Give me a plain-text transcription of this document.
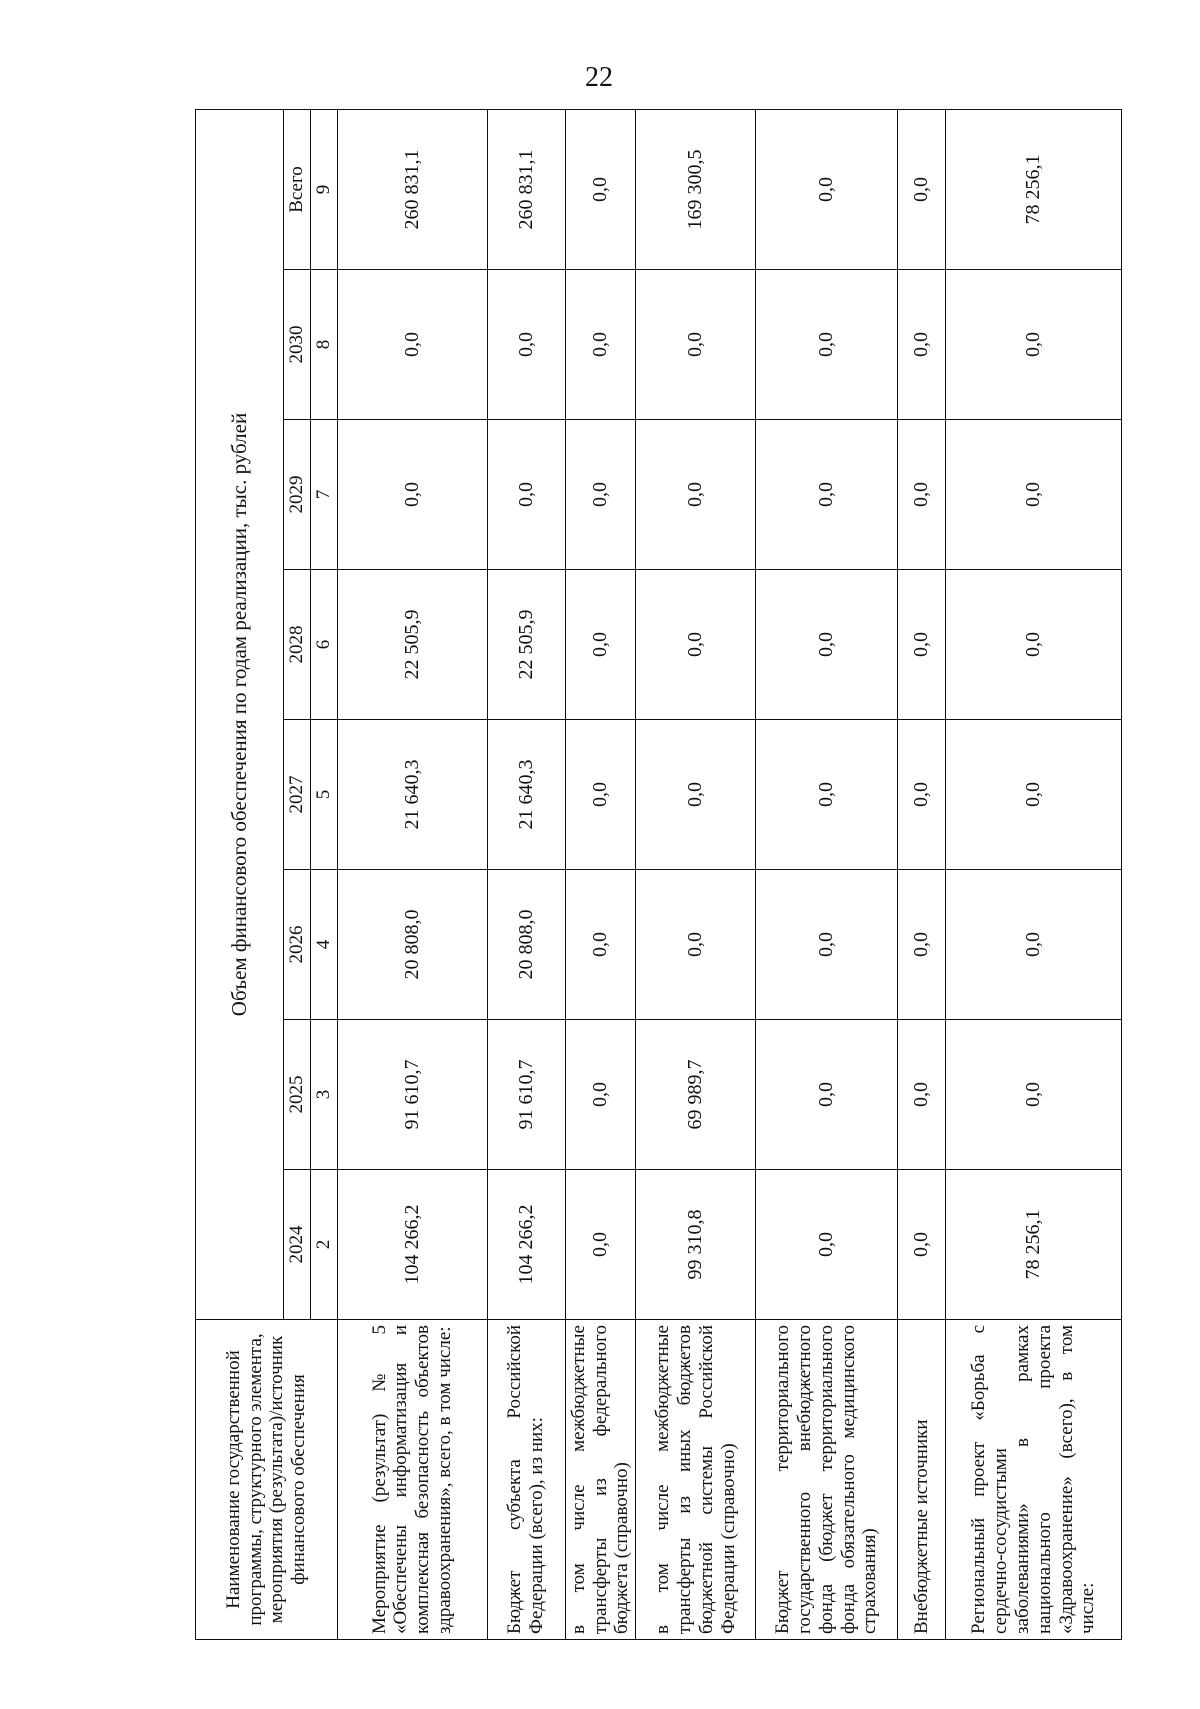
22
Наименование государственной программы, структурного элемента, мероприятия (результата)/источник финансового обеспечения	Объем финансового обеспечения по годам реализации, тыс. рублей							
	2024	2025	2026	2027	2028	2029	2030	Всего
	2	3	4	5	6	7	8	9

Мероприятие (результат) № 5 «Обеспечены информатизация и комплексная безопасность объектов здравоохранения», всего, в том числе:	104 266,2	91 610,7	20 808,0	21 640,3	22 505,9	0,0	0,0	260 831,1
Бюджет субъекта Российской Федерации (всего), из них:	104 266,2	91 610,7	20 808,0	21 640,3	22 505,9	0,0	0,0	260 831,1
в том числе межбюджетные трансферты из федерального бюджета (справочно)	0,0	0,0	0,0	0,0	0,0	0,0	0,0	0,0
в том числе межбюджетные трансферты из иных бюджетов бюджетной системы Российской Федерации (справочно)	99 310,8	69 989,7	0,0	0,0	0,0	0,0	0,0	169 300,5
Бюджет территориального государственного внебюджетного фонда (бюджет территориального фонда обязательного медицинского страхования)	0,0	0,0	0,0	0,0	0,0	0,0	0,0	0,0
Внебюджетные источники	0,0	0,0	0,0	0,0	0,0	0,0	0,0	0,0
Региональный проект «Борьба с сердечно-сосудистыми заболеваниями» в рамках национального проекта «Здравоохранение» (всего), в том числе:	78 256,1	0,0	0,0	0,0	0,0	0,0	0,0	78 256,1
